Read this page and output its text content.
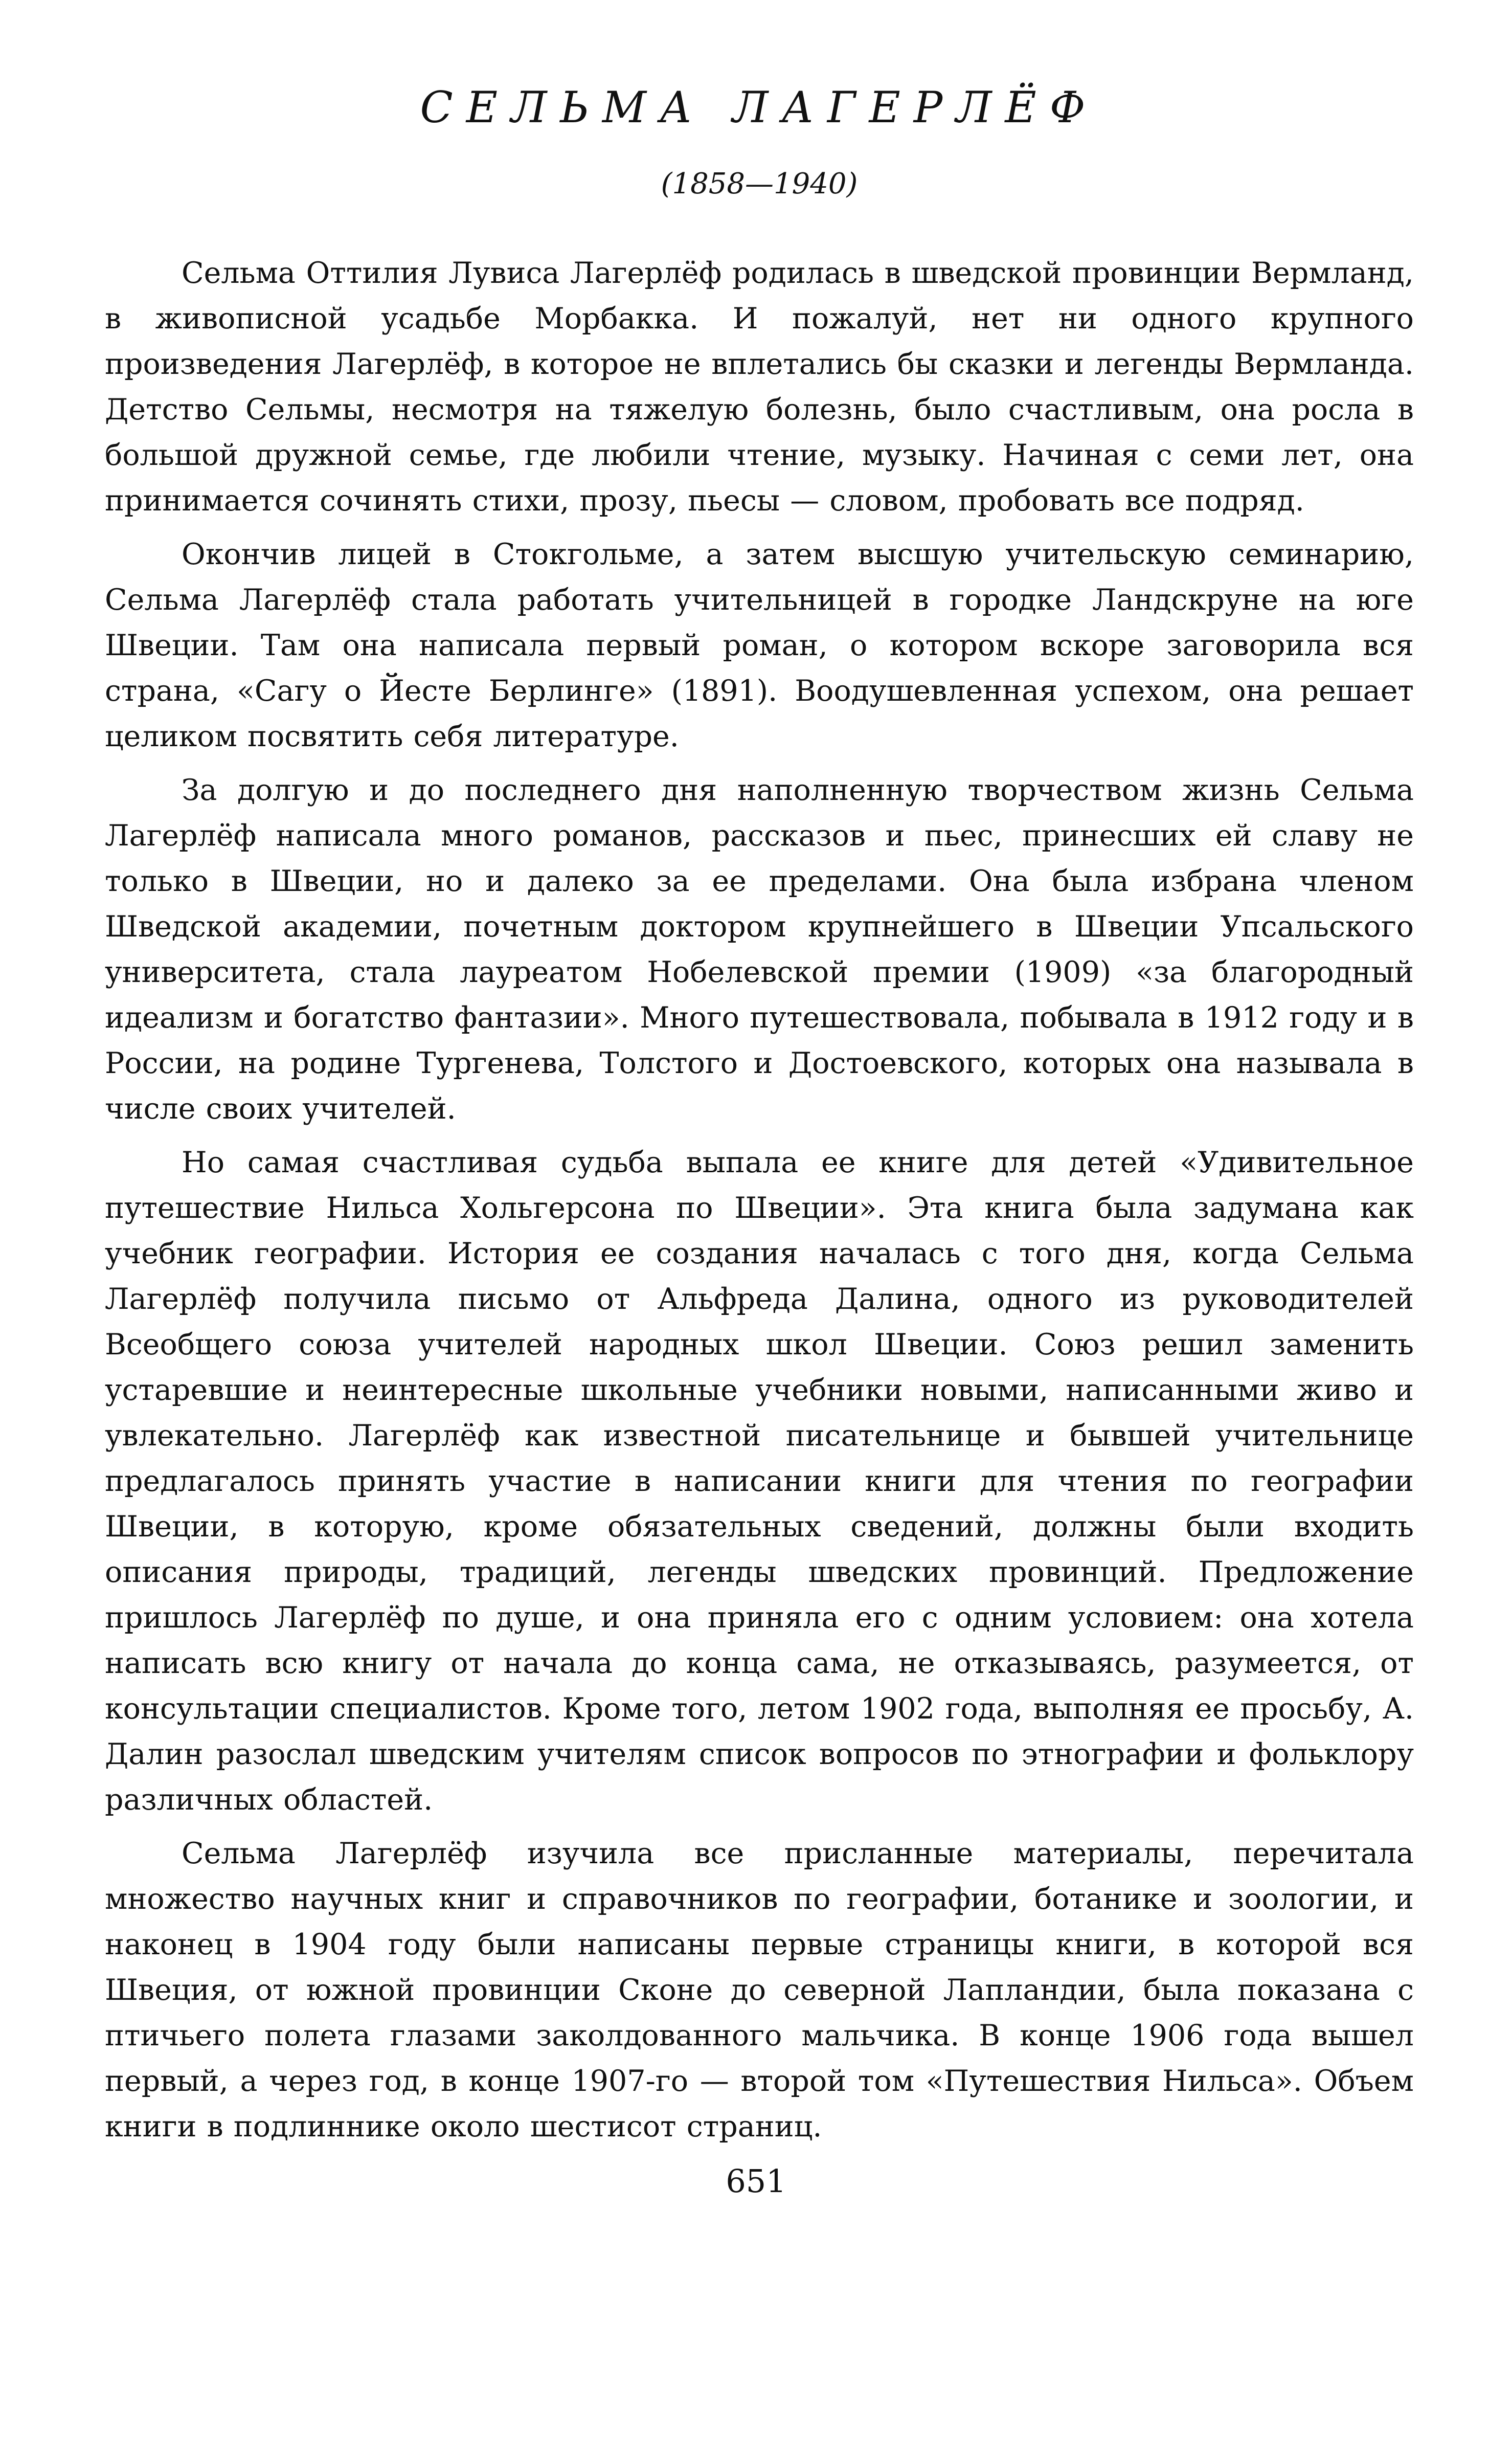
СЕЛЬМА ЛАГЕРЛЁФ
(1858—1940)

Сельма Оттилия Лувиса Лагерлёф родилась в шведской провинции Вермланд, в живописной усадьбе Морбакка. И пожалуй, нет ни одного крупного произведения Лагерлёф, в которое не вплетались бы сказки и легенды Вермланда. Детство Сельмы, несмотря на тяжелую болезнь, было счастливым, она росла в большой дружной семье, где любили чтение, музыку. Начиная с семи лет, она принимается сочинять стихи, прозу, пьесы — словом, пробовать все подряд.

Окончив лицей в Стокгольме, а затем высшую учительскую семинарию, Сельма Лагерлёф стала работать учительницей в городке Ландскруне на юге Швеции. Там она написала первый роман, о котором вскоре заговорила вся страна, «Сагу о Йесте Берлинге» (1891). Воодушевленная успехом, она решает целиком посвятить себя литературе.

За долгую и до последнего дня наполненную творчеством жизнь Сельма Лагерлёф написала много романов, рассказов и пьес, принесших ей славу не только в Швеции, но и далеко за ее пределами. Она была избрана членом Шведской академии, почетным доктором крупнейшего в Швеции Упсальского университета, стала лауреатом Нобелевской премии (1909) «за благородный идеализм и богатство фантазии». Много путешествовала, побывала в 1912 году и в России, на родине Тургенева, Толстого и Достоевского, которых она называла в числе своих учителей.

Но самая счастливая судьба выпала ее книге для детей «Удивительное путешествие Нильса Хольгерсона по Швеции». Эта книга была задумана как учебник географии. История ее создания началась с того дня, когда Сельма Лагерлёф получила письмо от Альфреда Далина, одного из руководителей Всеобщего союза учителей народных школ Швеции. Союз решил заменить устаревшие и неинтересные школьные учебники новыми, написанными живо и увлекательно. Лагерлёф как известной писательнице и бывшей учительнице предлагалось принять участие в написании книги для чтения по географии Швеции, в которую, кроме обязательных сведений, должны были входить описания природы, традиций, легенды шведских провинций. Предложение пришлось Лагерлёф по душе, и она приняла его с одним условием: она хотела написать всю книгу от начала до конца сама, не отказываясь, разумеется, от консультации специалистов. Кроме того, летом 1902 года, выполняя ее просьбу, А. Далин разослал шведским учителям список вопросов по этнографии и фольклору различных областей.

Сельма Лагерлёф изучила все присланные материалы, перечитала множество научных книг и справочников по географии, ботанике и зоологии, и наконец в 1904 году были написаны первые страницы книги, в которой вся Швеция, от южной провинции Сконе до северной Лапландии, была показана с птичьего полета глазами заколдованного мальчика. В конце 1906 года вышел первый, а через год, в конце 1907-го — второй том «Путешествия Нильса». Объем книги в подлиннике около шестисот страниц.

651
